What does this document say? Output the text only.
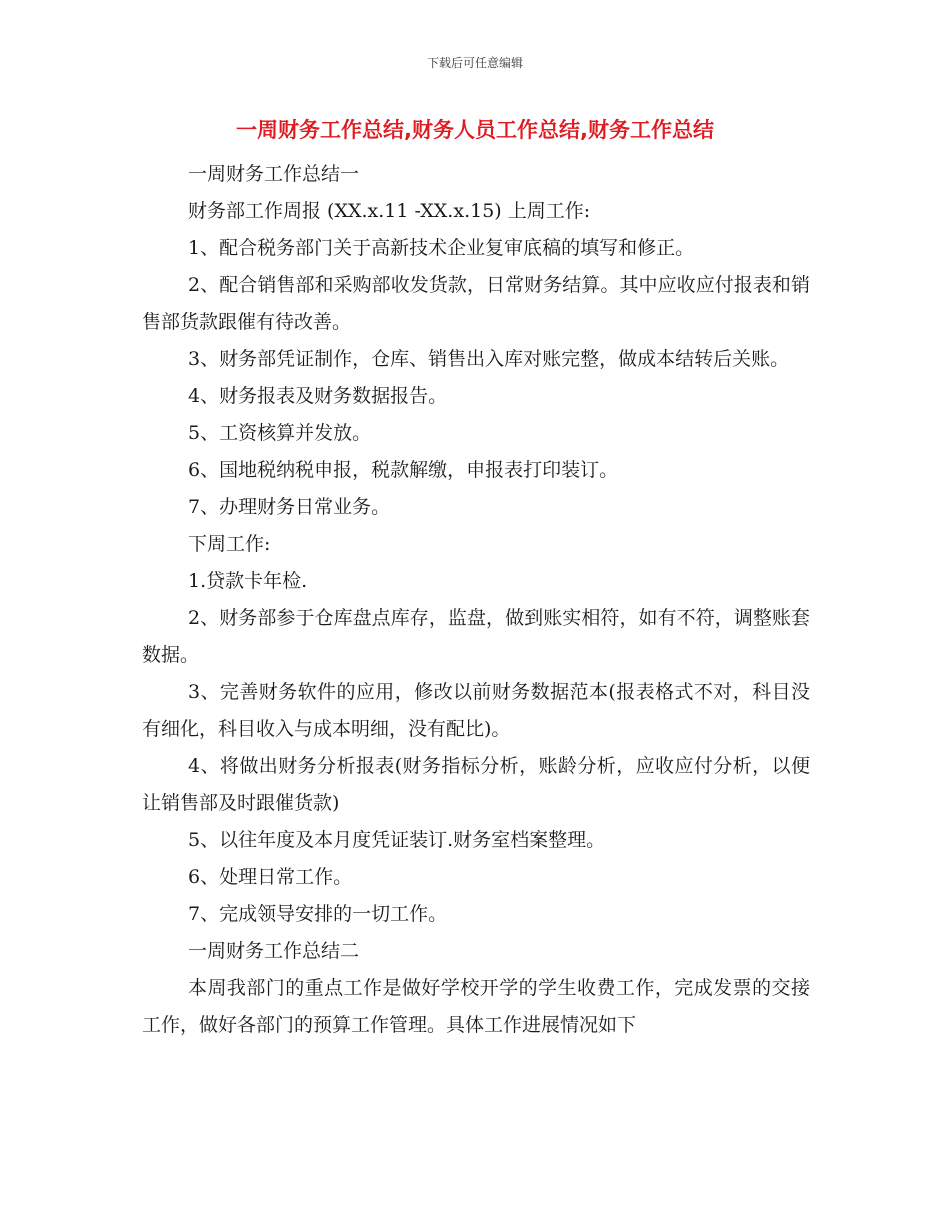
下载后可任意编辑
一周财务工作总结,财务人员工作总结,财务工作总结

一周财务工作总结一

财务部工作周报 (XX.x.11 -XX.x.15) 上周工作:

1、配合税务部门关于高新技术企业复审底稿的填写和修正。

2、配合销售部和采购部收发货款，日常财务结算。其中应收应付报表和销售部货款跟催有待改善。

3、财务部凭证制作，仓库、销售出入库对账完整，做成本结转后关账。

4、财务报表及财务数据报告。

5、工资核算并发放。

6、国地税纳税申报，税款解缴，申报表打印装订。

7、办理财务日常业务。

下周工作:

1.贷款卡年检.

2、财务部参于仓库盘点库存，监盘，做到账实相符，如有不符，调整账套数据。

3、完善财务软件的应用，修改以前财务数据范本(报表格式不对，科目没有细化，科目收入与成本明细，没有配比)。

4、将做出财务分析报表(财务指标分析，账龄分析，应收应付分析，以便让销售部及时跟催货款)

5、以往年度及本月度凭证装订.财务室档案整理。

6、处理日常工作。

7、完成领导安排的一切工作。

一周财务工作总结二

本周我部门的重点工作是做好学校开学的学生收费工作，完成发票的交接工作，做好各部门的预算工作管理。具体工作进展情况如下
